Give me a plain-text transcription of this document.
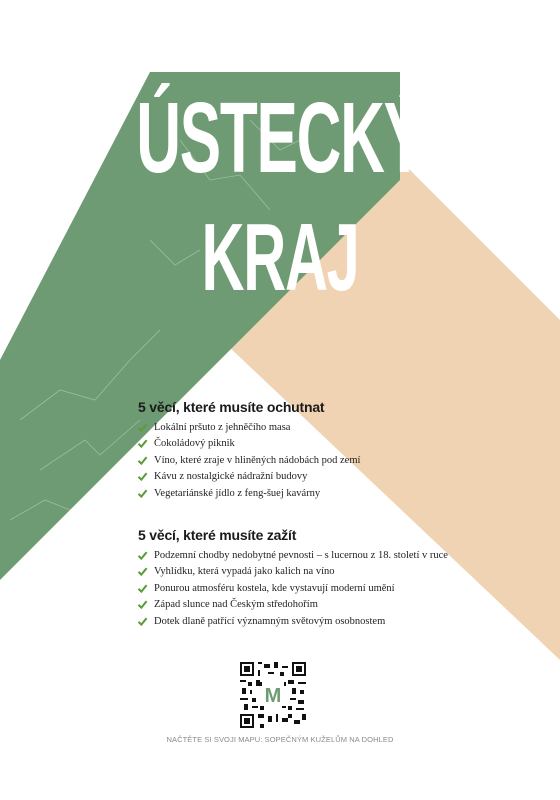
ÚSTECKÝ
KRAJ
5 věcí, které musíte ochutnat
Lokální pršuto z jehněčího masa
Čokoládový piknik
Víno, které zraje v hliněných nádobách pod zemí
Kávu z nostalgické nádražní budovy
Vegetariánské jídlo z feng-šuej kavárny
5 věcí, které musíte zažít
Podzemní chodby nedobytné pevnosti – s lucernou z 18. století v ruce
Vyhlídku, která vypadá jako kalich na víno
Ponurou atmosféru kostela, kde vystavují moderní umění
Západ slunce nad Českým středohořím
Dotek dlaně patřící významným světovým osobnostem
M
NAČTĚTE SI SVOJI MAPU: SOPEČNÝM KUŽELŮM NA DOHLED
